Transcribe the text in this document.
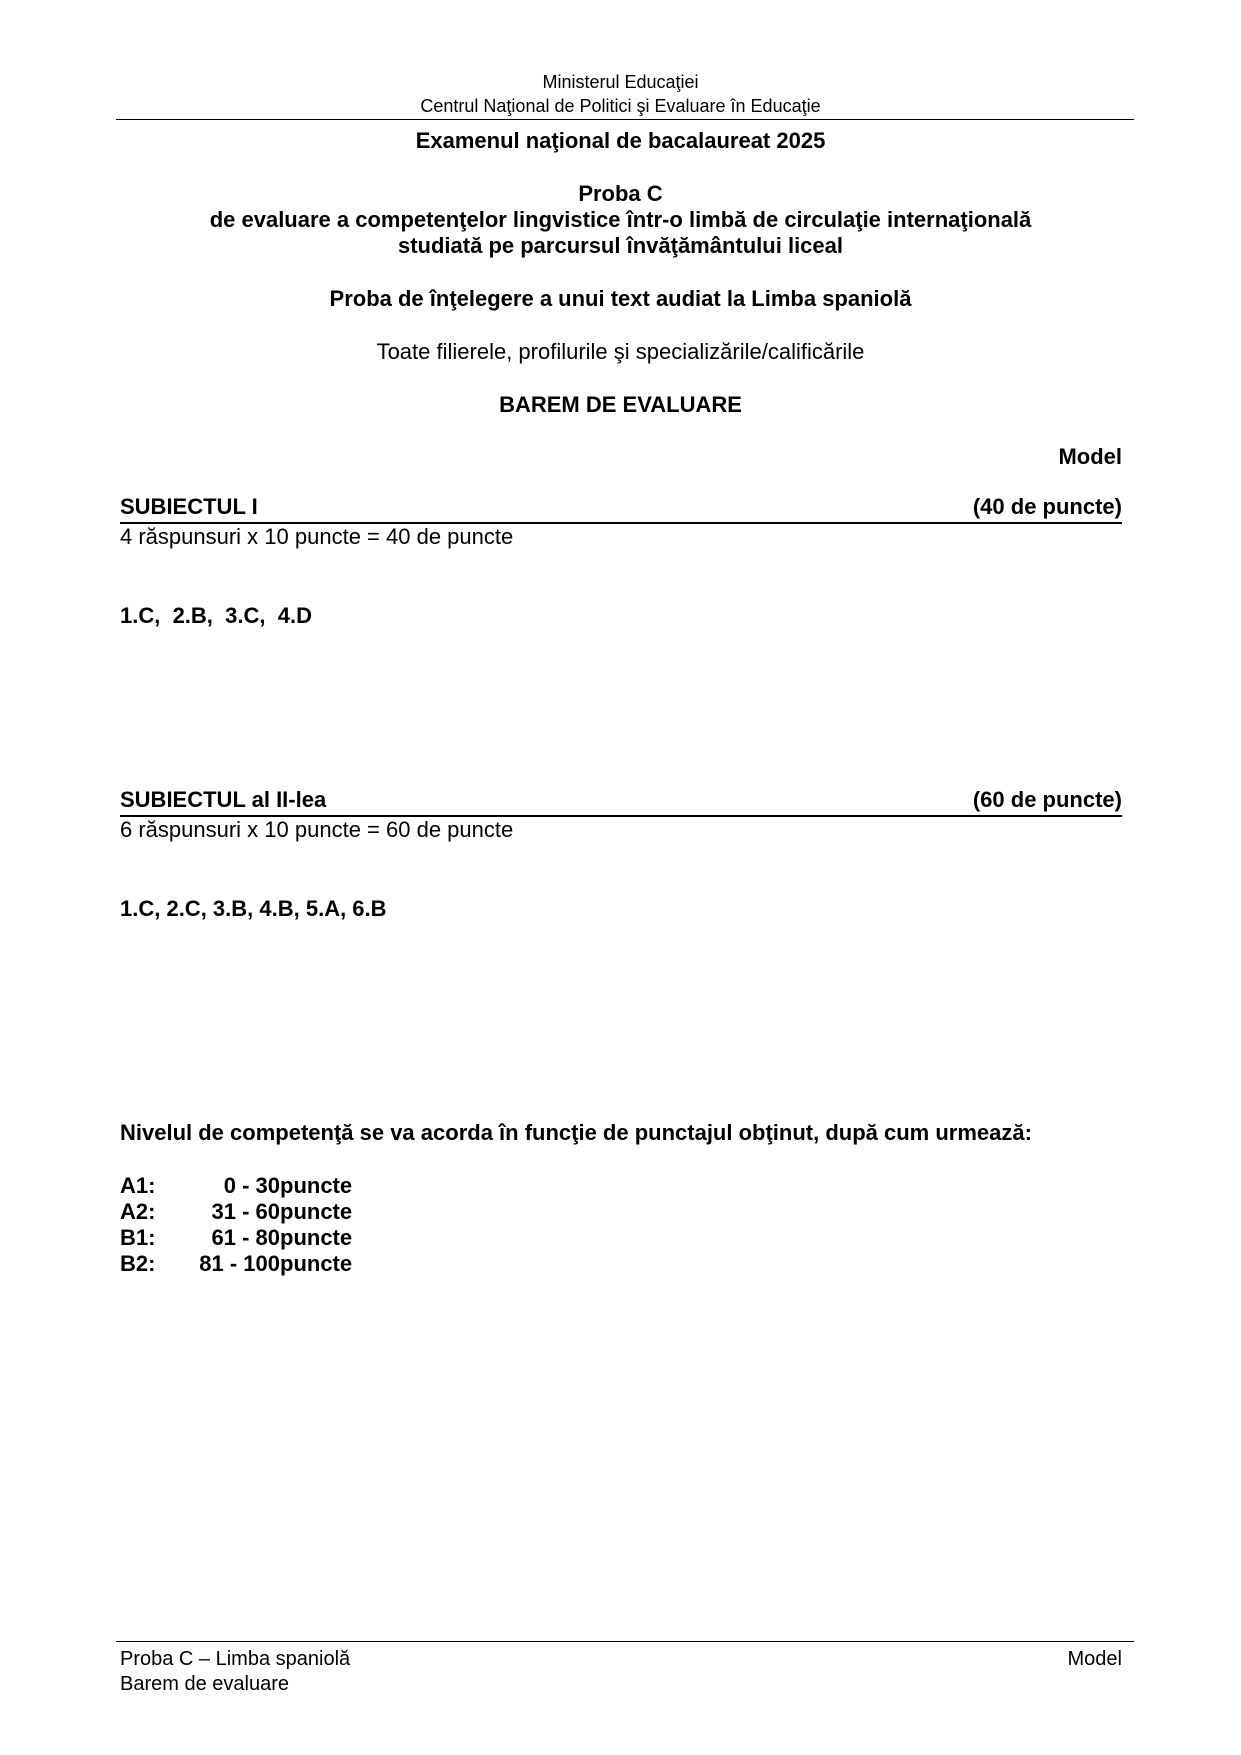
Ministerul Educaţiei
Centrul Naţional de Politici şi Evaluare în Educaţie
Examenul naţional de bacalaureat 2025
Proba C
de evaluare a competenţelor lingvistice într-o limbă de circulaţie internaţională
studiată pe parcursul învăţământului liceal
Proba de înţelegere a unui text audiat la Limba spaniolă
Toate filierele, profilurile şi specializările/calificările
BAREM DE EVALUARE
Model
SUBIECTUL I	(40 de puncte)
4 răspunsuri x 10 puncte = 40 de puncte
1.C,  2.B,  3.C,  4.D
SUBIECTUL al II-lea	(60 de puncte)
6 răspunsuri x 10 puncte = 60 de puncte
1.C, 2.C, 3.B, 4.B, 5.A, 6.B
Nivelul de competenţă se va acorda în funcţie de punctajul obţinut, după cum urmează:
A1:	0 - 30 puncte
A2:	31 - 60 puncte
B1:	61 - 80 puncte
B2:	81 - 100 puncte
Proba C – Limba spaniolă
Barem de evaluare
Model
